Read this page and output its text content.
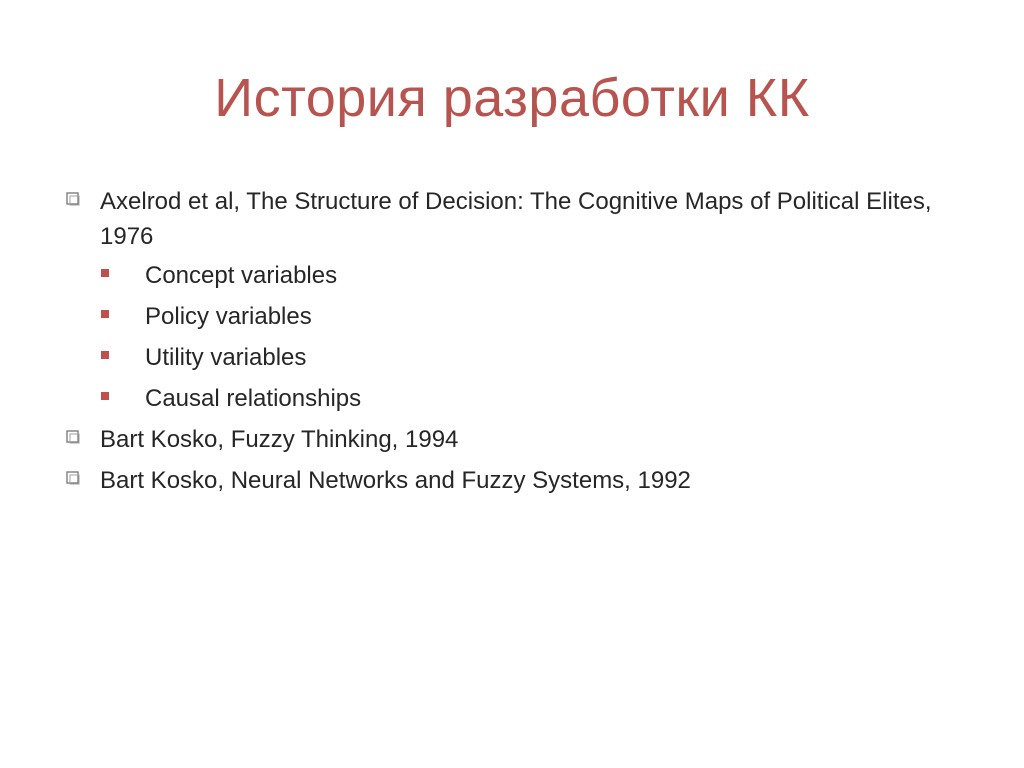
История разработки КК
Axelrod et al, The Structure of Decision: The Cognitive Maps of Political Elites, 1976
Concept variables
Policy variables
Utility variables
Causal relationships
Bart Kosko, Fuzzy Thinking, 1994
Bart Kosko, Neural Networks and Fuzzy Systems, 1992
